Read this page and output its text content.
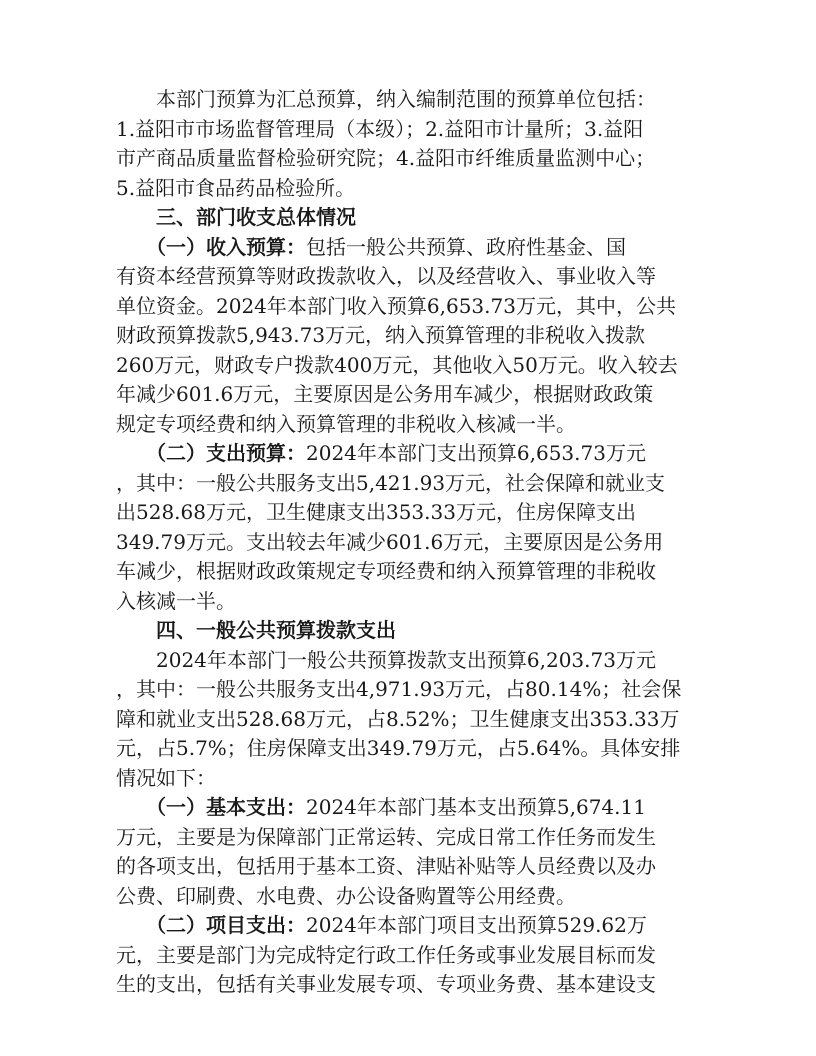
　　本部门预算为汇总预算，纳入编制范围的预算单位包括：
1.益阳市市场监督管理局（本级）；2.益阳市计量所；3.益阳
市产商品质量监督检验研究院；4.益阳市纤维质量监测中心；
5.益阳市食品药品检验所。
　　三、部门收支总体情况
　　（一）收入预算：包括一般公共预算、政府性基金、国
有资本经营预算等财政拨款收入，以及经营收入、事业收入等
单位资金。2024年本部门收入预算6,653.73万元，其中，公共
财政预算拨款5,943.73万元，纳入预算管理的非税收入拨款
260万元，财政专户拨款400万元，其他收入50万元。收入较去
年减少601.6万元，主要原因是公务用车减少，根据财政政策
规定专项经费和纳入预算管理的非税收入核减一半。
　　（二）支出预算：2024年本部门支出预算6,653.73万元
，其中：一般公共服务支出5,421.93万元，社会保障和就业支
出528.68万元，卫生健康支出353.33万元，住房保障支出
349.79万元。支出较去年减少601.6万元，主要原因是公务用
车减少，根据财政政策规定专项经费和纳入预算管理的非税收
入核减一半。
　　四、一般公共预算拨款支出
　　2024年本部门一般公共预算拨款支出预算6,203.73万元
，其中：一般公共服务支出4,971.93万元，占80.14%；社会保
障和就业支出528.68万元，占8.52%；卫生健康支出353.33万
元，占5.7%；住房保障支出349.79万元，占5.64%。具体安排
情况如下：
　　（一）基本支出：2024年本部门基本支出预算5,674.11
万元，主要是为保障部门正常运转、完成日常工作任务而发生
的各项支出，包括用于基本工资、津贴补贴等人员经费以及办
公费、印刷费、水电费、办公设备购置等公用经费。
　　（二）项目支出：2024年本部门项目支出预算529.62万
元，主要是部门为完成特定行政工作任务或事业发展目标而发
生的支出，包括有关事业发展专项、专项业务费、基本建设支
